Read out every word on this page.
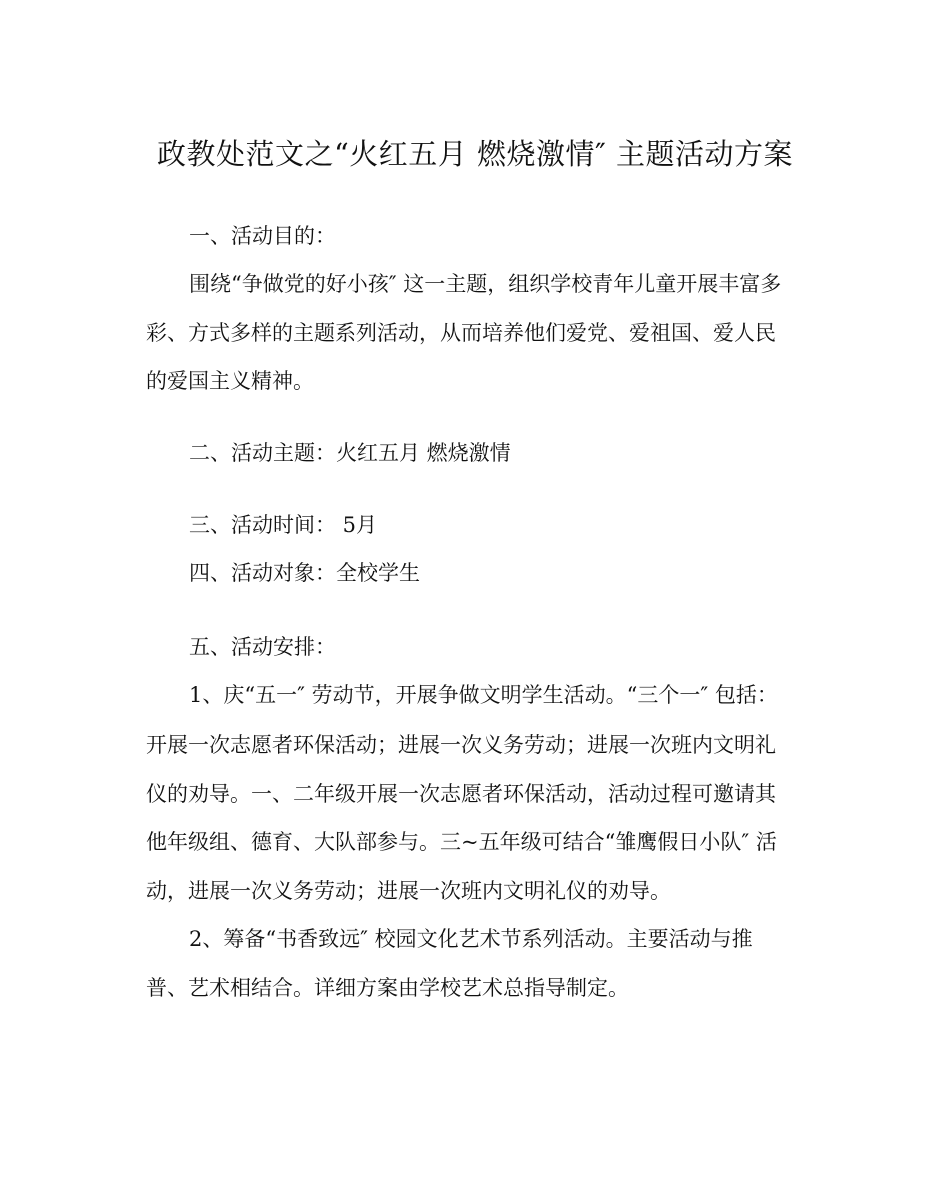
政教处范文之“火红五月 燃烧激情″ 主题活动方案
一、活动目的：
围绕“争做党的好小孩″ 这一主题，组织学校青年儿童开展丰富多
彩、方式多样的主题系列活动，从而培养他们爱党、爱祖国、爱人民
的爱国主义精神。
二、活动主题：火红五月 燃烧激情
三、活动时间： 5月
四、活动对象：全校学生
五、活动安排：
1、庆“五一″ 劳动节，开展争做文明学生活动。“三个一″ 包括：
开展一次志愿者环保活动；进展一次义务劳动；进展一次班内文明礼
仪的劝导。一、二年级开展一次志愿者环保活动，活动过程可邀请其
他年级组、德育、大队部参与。三~五年级可结合“雏鹰假日小队″ 活
动，进展一次义务劳动；进展一次班内文明礼仪的劝导。
2、筹备“书香致远″ 校园文化艺术节系列活动。主要活动与推
普、艺术相结合。详细方案由学校艺术总指导制定。
